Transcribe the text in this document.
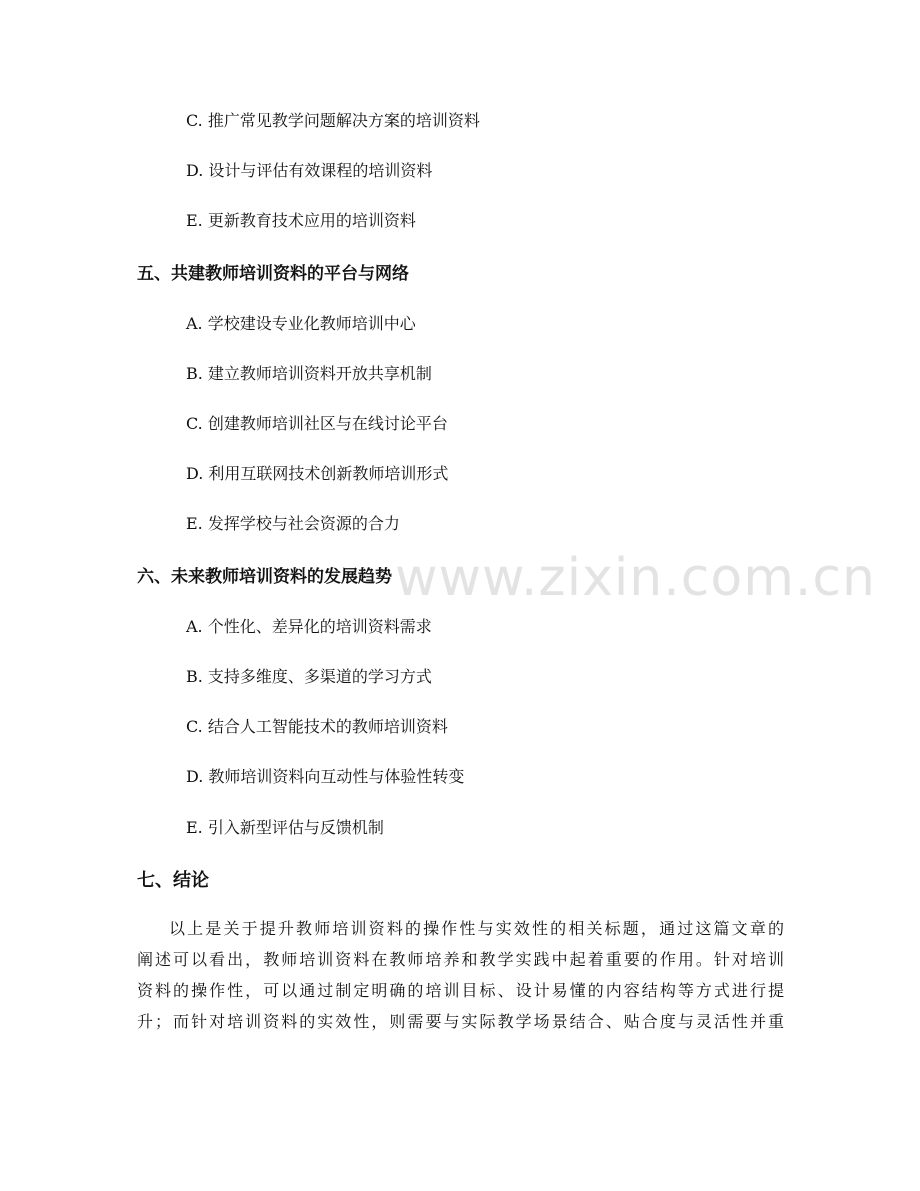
www.zixin.com.cn
C. 推广常见教学问题解决方案的培训资料
D. 设计与评估有效课程的培训资料
E. 更新教育技术应用的培训资料
五、共建教师培训资料的平台与网络
A. 学校建设专业化教师培训中心
B. 建立教师培训资料开放共享机制
C. 创建教师培训社区与在线讨论平台
D. 利用互联网技术创新教师培训形式
E. 发挥学校与社会资源的合力
六、未来教师培训资料的发展趋势
A. 个性化、差异化的培训资料需求
B. 支持多维度、多渠道的学习方式
C. 结合人工智能技术的教师培训资料
D. 教师培训资料向互动性与体验性转变
E. 引入新型评估与反馈机制
七、结论
以上是关于提升教师培训资料的操作性与实效性的相关标题，通过这篇文章的
阐述可以看出，教师培训资料在教师培养和教学实践中起着重要的作用。针对培训
资料的操作性，可以通过制定明确的培训目标、设计易懂的内容结构等方式进行提
升；而针对培训资料的实效性，则需要与实际教学场景结合、贴合度与灵活性并重
